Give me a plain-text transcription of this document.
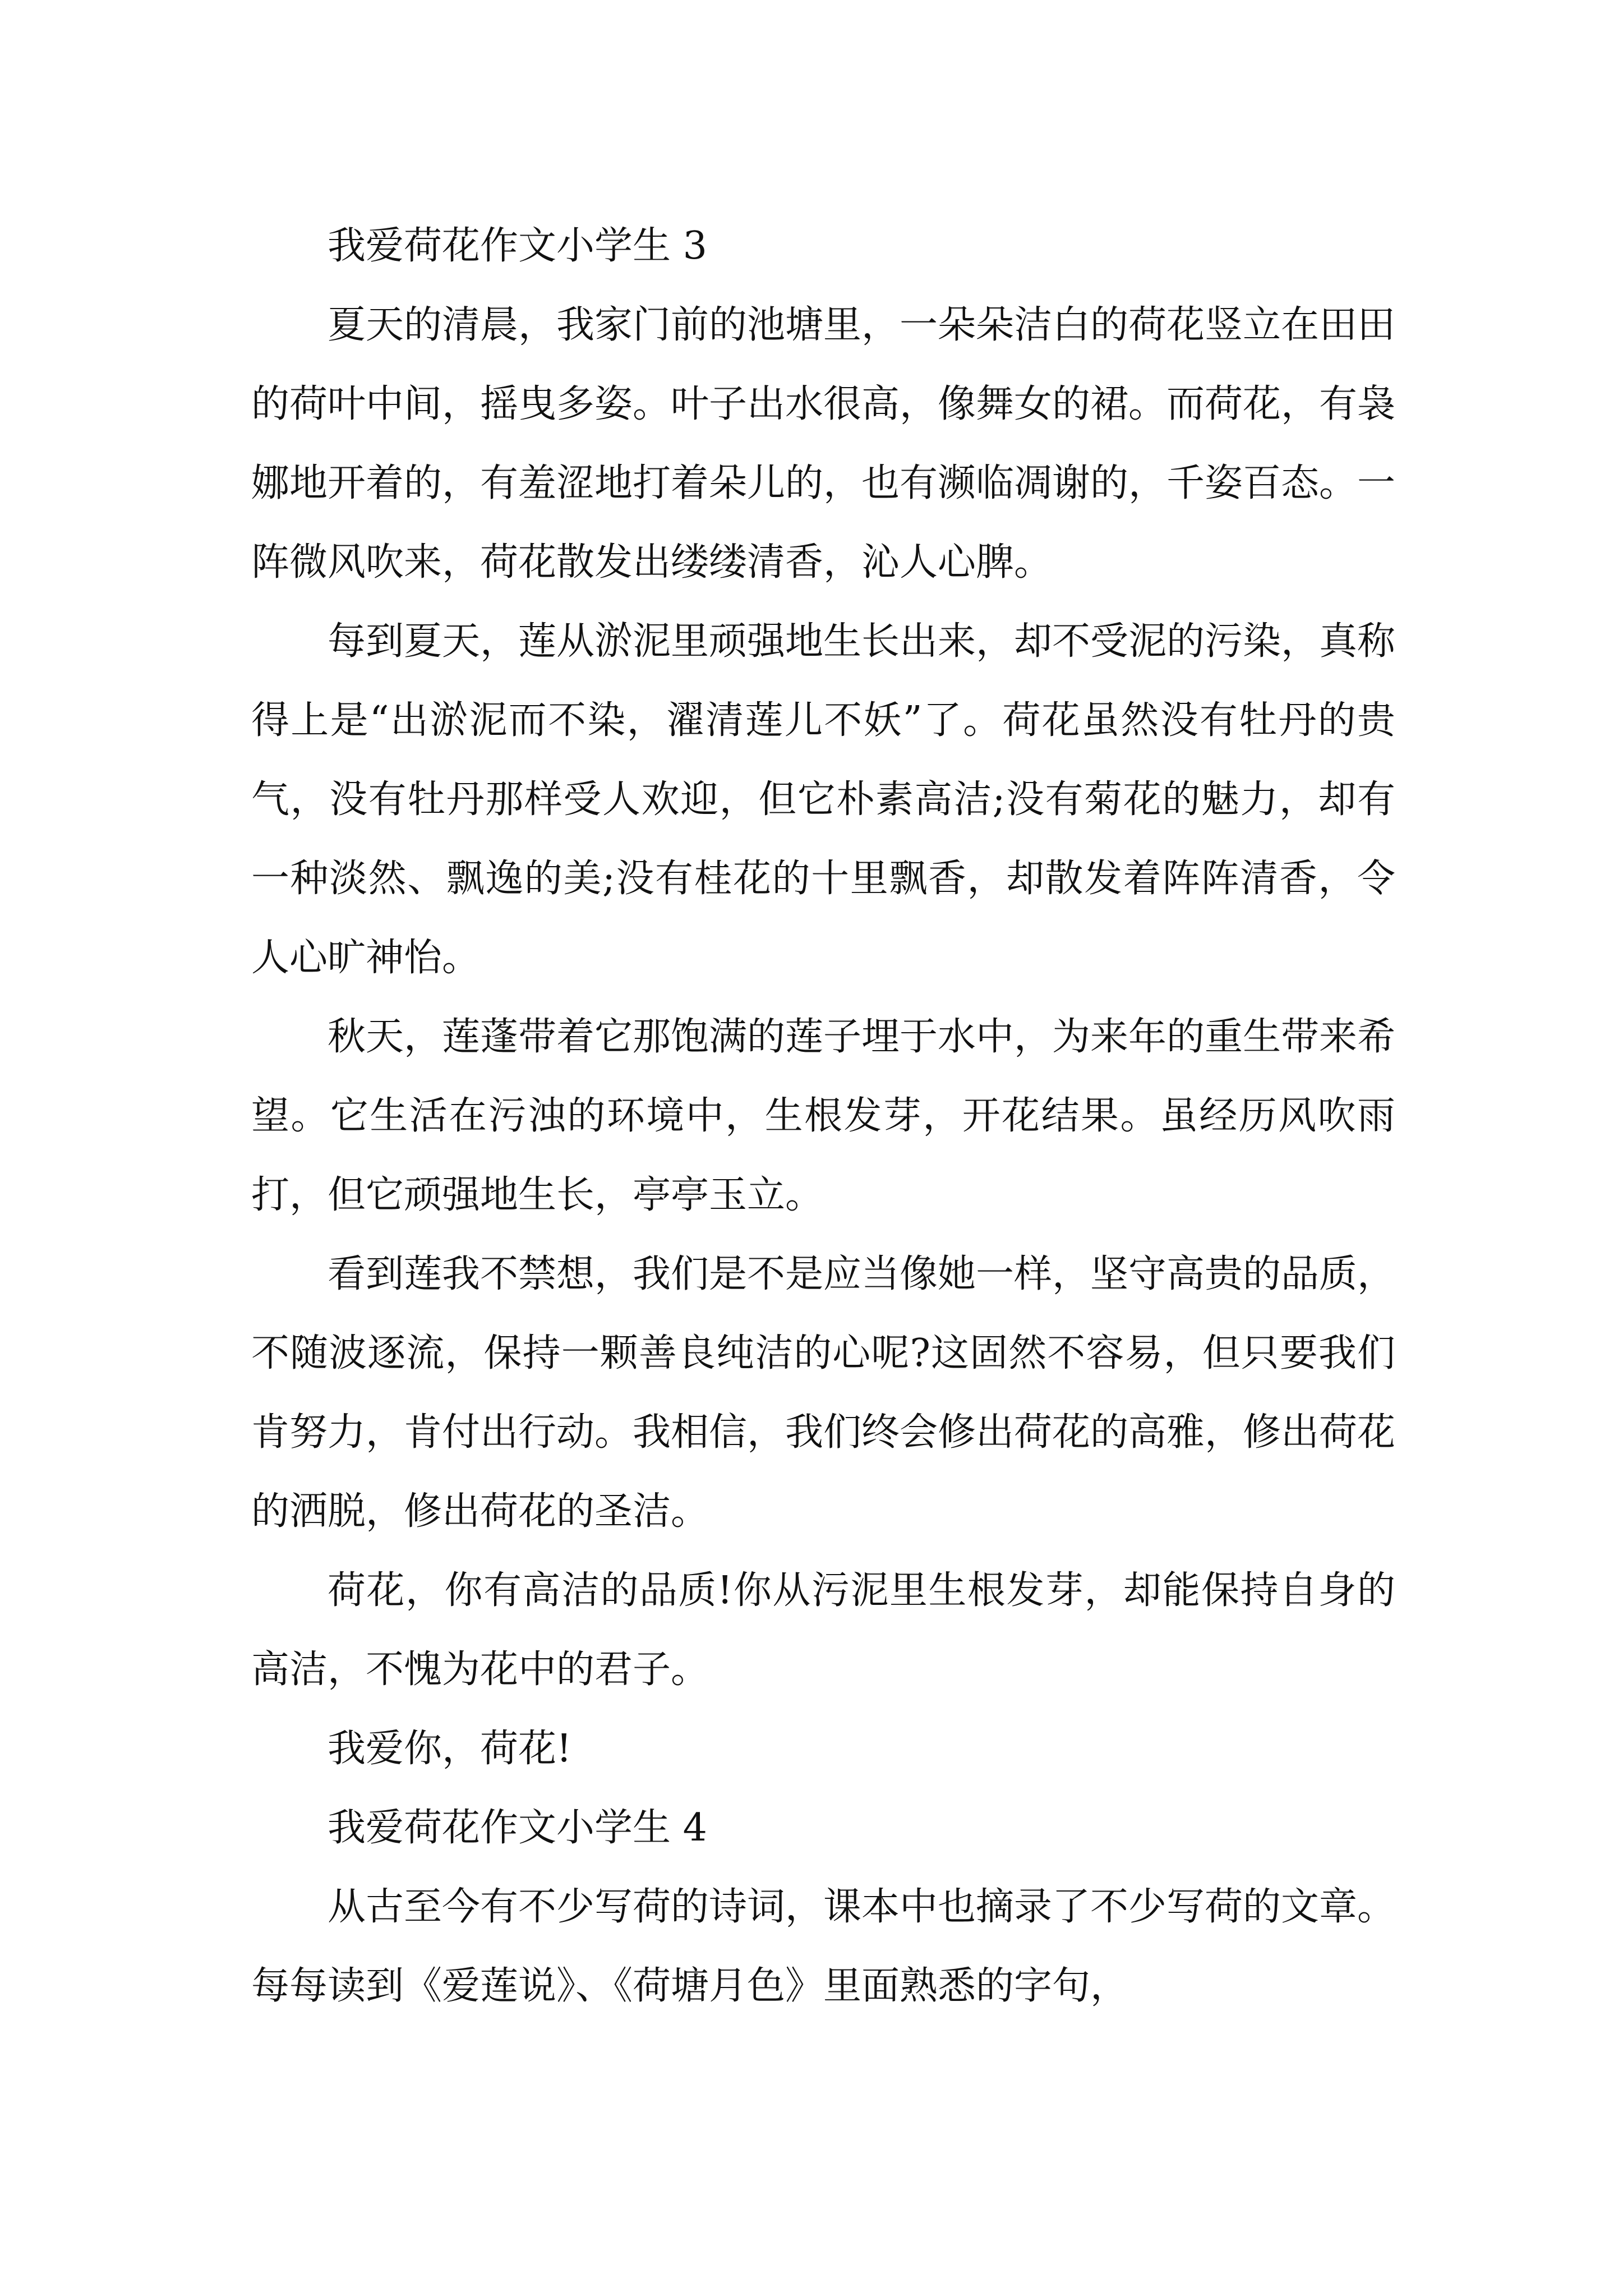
我爱荷花作文小学生 3

夏天的清晨，我家门前的池塘里，一朵朵洁白的荷花竖立在田田的荷叶中间，摇曳多姿。叶子出水很高，像舞女的裙。而荷花，有袅娜地开着的，有羞涩地打着朵儿的，也有濒临凋谢的，千姿百态。一阵微风吹来，荷花散发出缕缕清香，沁人心脾。

每到夏天，莲从淤泥里顽强地生长出来，却不受泥的污染，真称得上是“出淤泥而不染，濯清莲儿不妖”了。荷花虽然没有牡丹的贵气，没有牡丹那样受人欢迎，但它朴素高洁;没有菊花的魅力，却有一种淡然、飘逸的美;没有桂花的十里飘香，却散发着阵阵清香，令人心旷神怡。

秋天，莲蓬带着它那饱满的莲子埋于水中，为来年的重生带来希望。它生活在污浊的环境中，生根发芽，开花结果。虽经历风吹雨打，但它顽强地生长，亭亭玉立。

看到莲我不禁想，我们是不是应当像她一样，坚守高贵的品质，不随波逐流，保持一颗善良纯洁的心呢?这固然不容易，但只要我们肯努力，肯付出行动。我相信，我们终会修出荷花的高雅，修出荷花的洒脱，修出荷花的圣洁。

荷花，你有高洁的品质!你从污泥里生根发芽，却能保持自身的高洁，不愧为花中的君子。

我爱你，荷花!

我爱荷花作文小学生 4

从古至今有不少写荷的诗词，课本中也摘录了不少写荷的文章。每每读到《爱莲说》、《荷塘月色》里面熟悉的字句，
